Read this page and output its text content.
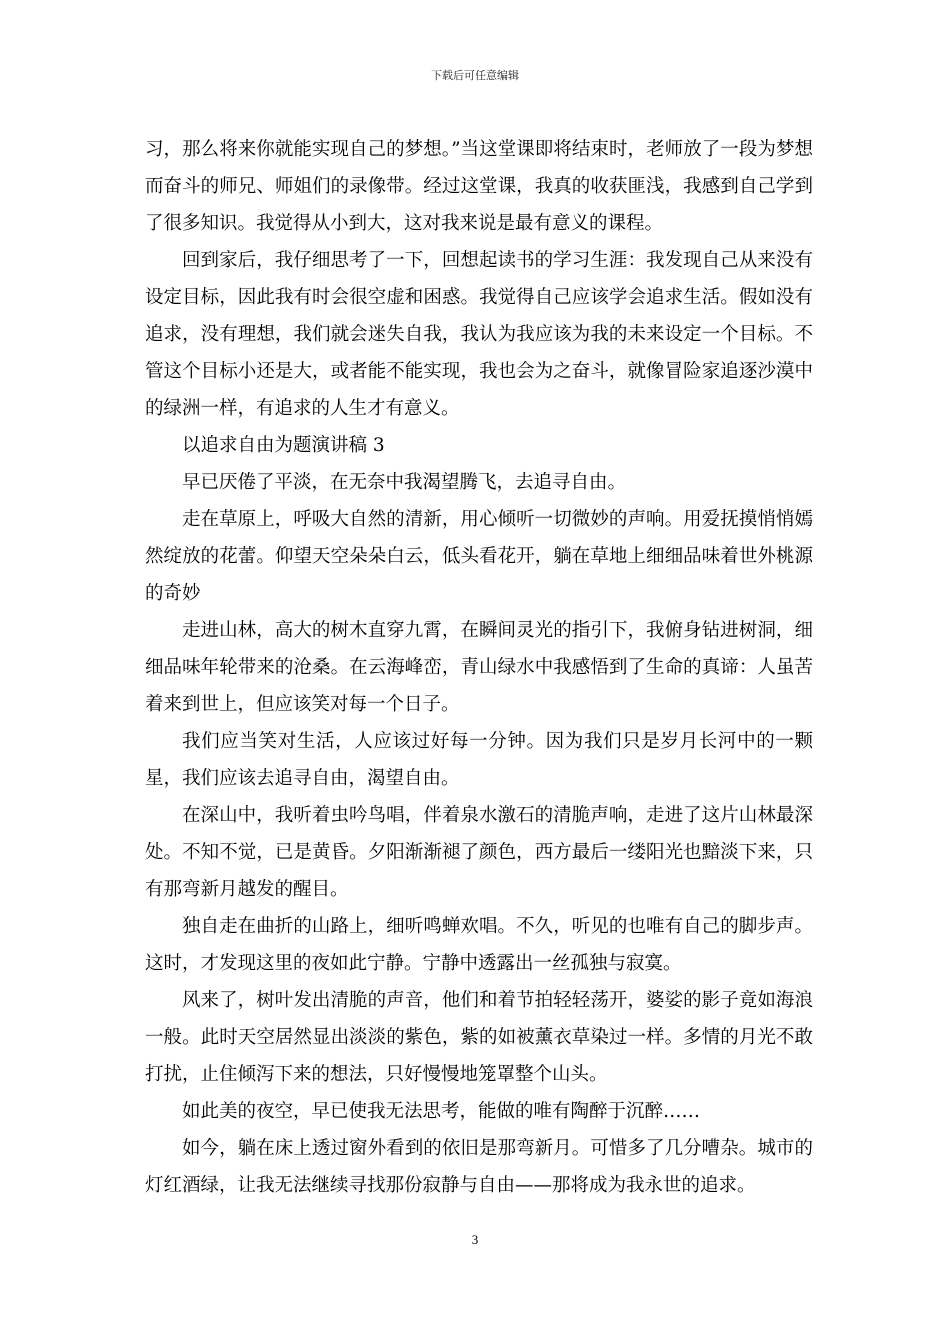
下载后可任意编辑

习，那么将来你就能实现自己的梦想。”当这堂课即将结束时，老师放了一段为梦想而奋斗的师兄、师姐们的录像带。经过这堂课，我真的收获匪浅，我感到自己学到了很多知识。我觉得从小到大，这对我来说是最有意义的课程。

回到家后，我仔细思考了一下，回想起读书的学习生涯：我发现自己从来没有设定目标，因此我有时会很空虚和困惑。我觉得自己应该学会追求生活。假如没有追求，没有理想，我们就会迷失自我，我认为我应该为我的未来设定一个目标。不管这个目标小还是大，或者能不能实现，我也会为之奋斗，就像冒险家追逐沙漠中的绿洲一样，有追求的人生才有意义。

以追求自由为题演讲稿 3

早已厌倦了平淡，在无奈中我渴望腾飞，去追寻自由。

走在草原上，呼吸大自然的清新，用心倾听一切微妙的声响。用爱抚摸悄悄嫣然绽放的花蕾。仰望天空朵朵白云，低头看花开，躺在草地上细细品味着世外桃源的奇妙

走进山林，高大的树木直穿九霄，在瞬间灵光的指引下，我俯身钻进树洞，细细品味年轮带来的沧桑。在云海峰峦，青山绿水中我感悟到了生命的真谛：人虽苦着来到世上，但应该笑对每一个日子。

我们应当笑对生活，人应该过好每一分钟。因为我们只是岁月长河中的一颗星，我们应该去追寻自由，渴望自由。

在深山中，我听着虫吟鸟唱，伴着泉水激石的清脆声响，走进了这片山林最深处。不知不觉，已是黄昏。夕阳渐渐褪了颜色，西方最后一缕阳光也黯淡下来，只有那弯新月越发的醒目。

独自走在曲折的山路上，细听鸣蝉欢唱。不久，听见的也唯有自己的脚步声。这时，才发现这里的夜如此宁静。宁静中透露出一丝孤独与寂寞。

风来了，树叶发出清脆的声音，他们和着节拍轻轻荡开，婆娑的影子竟如海浪一般。此时天空居然显出淡淡的紫色，紫的如被薰衣草染过一样。多情的月光不敢打扰，止住倾泻下来的想法，只好慢慢地笼罩整个山头。

如此美的夜空，早已使我无法思考，能做的唯有陶醉于沉醉……

如今，躺在床上透过窗外看到的依旧是那弯新月。可惜多了几分嘈杂。城市的灯红酒绿，让我无法继续寻找那份寂静与自由——那将成为我永世的追求。

3
